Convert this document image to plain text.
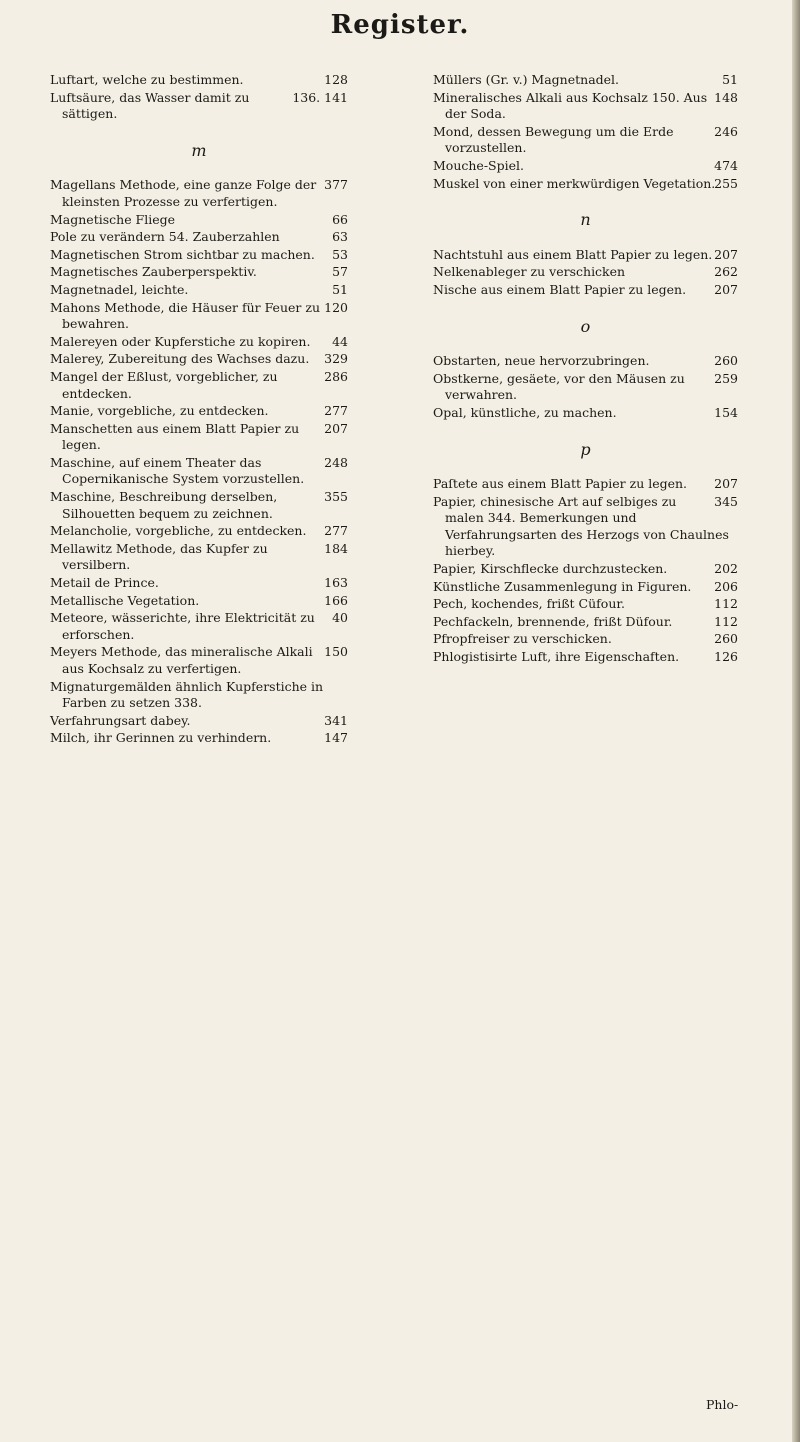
Register.
128
Luftart, welche zu bestimmen.
136. 141
Luftsäure, das Wasser damit zu sättigen.
m
377
Magellans Methode, eine ganze Folge der kleinsten Prozesse zu verfertigen.
66
Magnetische Fliege
63
Pole zu verändern 54. Zauberzahlen
53
Magnetischen Strom sichtbar zu machen.
57
Magnetisches Zauberperspektiv.
51
Magnetnadel, leichte.
120
Mahons Methode, die Häuser für Feuer zu bewahren.
44
Malereyen oder Kupferstiche zu kopiren.
329
Malerey, Zubereitung des Wachses dazu.
286
Mangel der Eßlust, vorgeblicher, zu entdecken.
277
Manie, vorgebliche, zu entdecken.
207
Manschetten aus einem Blatt Papier zu legen.
248
Maschine, auf einem Theater das Copernikanische System vorzustellen.
355
Maschine, Beschreibung derselben, Silhouetten bequem zu zeichnen.
277
Melancholie, vorgebliche, zu entdecken.
184
Mellawitz Methode, das Kupfer zu versilbern.
163
Metail de Prince.
166
Metallische Vegetation.
40
Meteore, wässerichte, ihre Elektricität zu erforschen.
150
Meyers Methode, das mineralische Alkali aus Kochsalz zu verfertigen.
Mignaturgemälden ähnlich Kupferstiche in Farben zu setzen 338.
341
Verfahrungsart dabey.
147
Milch, ihr Gerinnen zu verhindern.
51
Müllers (Gr. v.) Magnetnadel.
148
Mineralisches Alkali aus Kochsalz 150. Aus der Soda.
246
Mond, dessen Bewegung um die Erde vorzustellen.
474
Mouche-Spiel.
255
Muskel von einer merkwürdigen Vegetation.
n
207
Nachtstuhl aus einem Blatt Papier zu legen.
262
Nelkenableger zu verschicken
207
Nische aus einem Blatt Papier zu legen.
o
260
Obstarten, neue hervorzubringen.
259
Obstkerne, gesäete, vor den Mäusen zu verwahren.
154
Opal, künstliche, zu machen.
p
207
Paſtete aus einem Blatt Papier zu legen.
345
Papier, chinesische Art auf selbiges zu malen 344. Bemerkungen und Verfahrungsarten des Herzogs von Chaulnes hierbey.
202
Papier, Kirschflecke durchzustecken.
206
Künstliche Zusammenlegung in Figuren.
112
Pech, kochendes, frißt Cüfour.
112
Pechfackeln, brennende, frißt Düfour.
260
Pfropfreiser zu verschicken.
126
Phlogistisirte Luft, ihre Eigenschaften.
Phlo-
